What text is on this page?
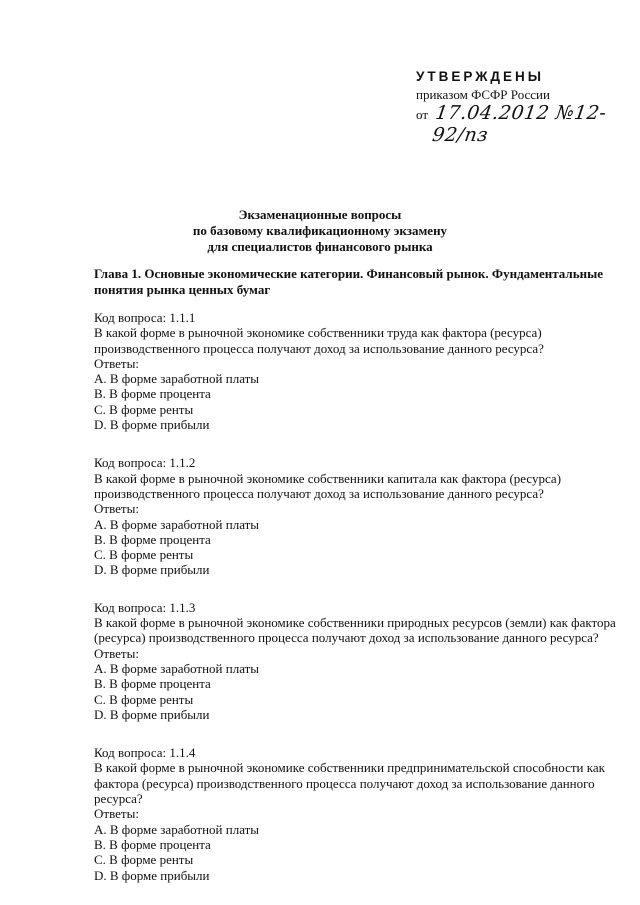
УТВЕРЖДЕНЫ
приказом ФСФР России
от 17.04.2012 №12-92/пз
Экзаменационные вопросы
по базовому квалификационному экзамену
для специалистов финансового рынка
Глава 1. Основные экономические категории. Финансовый рынок. Фундаментальные
понятия рынка ценных бумаг
Код вопроса: 1.1.1
В какой форме в рыночной экономике собственники труда как фактора (ресурса)
производственного процесса получают доход за использование данного ресурса?
Ответы:
A. В форме заработной платы
B. В форме процента
C. В форме ренты
D. В форме прибыли
Код вопроса: 1.1.2
В какой форме в рыночной экономике собственники капитала как фактора (ресурса)
производственного процесса получают доход за использование данного ресурса?
Ответы:
A. В форме заработной платы
B. В форме процента
C. В форме ренты
D. В форме прибыли
Код вопроса: 1.1.3
В какой форме в рыночной экономике собственники природных ресурсов (земли) как фактора
(ресурса) производственного процесса получают доход за использование данного ресурса?
Ответы:
A. В форме заработной платы
B. В форме процента
C. В форме ренты
D. В форме прибыли
Код вопроса: 1.1.4
В какой форме в рыночной экономике собственники предпринимательской способности как
фактора (ресурса) производственного процесса получают доход за использование данного
ресурса?
Ответы:
A. В форме заработной платы
B. В форме процента
C. В форме ренты
D. В форме прибыли
